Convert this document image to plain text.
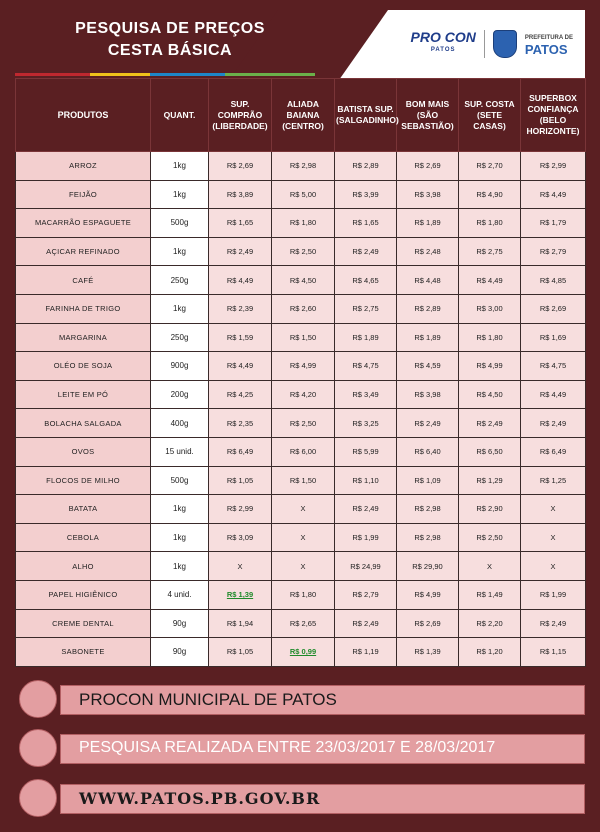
PESQUISA DE PREÇOS
CESTA BÁSICA
PRO CON
PATOS
PREFEITURA DE
PATOS
PRODUTOS	QUANT.	SUP. COMPRÃO (LIBERDADE)	ALIADA BAIANA (CENTRO)	BATISTA SUP. (SALGADINHO)	BOM MAIS (SÃO SEBASTIÃO)	SUP. COSTA (SETE CASAS)	SUPERBOX CONFIANÇA (BELO HORIZONTE)
ARROZ	1kg	R$ 2,69	R$ 2,98	R$ 2,89	R$ 2,69	R$ 2,70	R$ 2,99
FEIJÃO	1kg	R$ 3,89	R$ 5,00	R$ 3,99	R$ 3,98	R$ 4,90	R$ 4,49
MACARRÃO ESPAGUETE	500g	R$ 1,65	R$ 1,80	R$ 1,65	R$ 1,89	R$ 1,80	R$ 1,79
AÇICAR REFINADO	1kg	R$ 2,49	R$ 2,50	R$ 2,49	R$ 2,48	R$ 2,75	R$ 2,79
CAFÉ	250g	R$ 4,49	R$ 4,50	R$ 4,65	R$ 4,48	R$ 4,49	R$ 4,85
FARINHA DE TRIGO	1kg	R$ 2,39	R$ 2,60	R$ 2,75	R$ 2,89	R$ 3,00	R$ 2,69
MARGARINA	250g	R$ 1,59	R$ 1,50	R$ 1,89	R$ 1,89	R$ 1,80	R$ 1,69
OLÉO DE SOJA	900g	R$ 4,49	R$ 4,99	R$ 4,75	R$ 4,59	R$ 4,99	R$ 4,75
LEITE EM PÓ	200g	R$ 4,25	R$ 4,20	R$ 3,49	R$ 3,98	R$ 4,50	R$ 4,49
BOLACHA SALGADA	400g	R$ 2,35	R$ 2,50	R$ 3,25	R$ 2,49	R$ 2,49	R$ 2,49
OVOS	15 unid.	R$ 6,49	R$ 6,00	R$ 5,99	R$ 6,40	R$ 6,50	R$ 6,49
FLOCOS DE MILHO	500g	R$ 1,05	R$ 1,50	R$ 1,10	R$ 1,09	R$ 1,29	R$ 1,25
BATATA	1kg	R$ 2,99	X	R$ 2,49	R$ 2,98	R$ 2,90	X
CEBOLA	1kg	R$ 3,09	X	R$ 1,99	R$ 2,98	R$ 2,50	X
ALHO	1kg	X	X	R$ 24,99	R$ 29,90	X	X
PAPEL HIGIÊNICO	4 unid.	R$ 1,39	R$ 1,80	R$ 2,79	R$ 4,99	R$ 1,49	R$ 1,99
CREME DENTAL	90g	R$ 1,94	R$ 2,65	R$ 2,49	R$ 2,69	R$ 2,20	R$ 2,49
SABONETE	90g	R$ 1,05	R$ 0,99	R$ 1,19	R$ 1,39	R$ 1,20	R$ 1,15
PROCON MUNICIPAL DE PATOS
PESQUISA REALIZADA ENTRE 23/03/2017 E 28/03/2017
WWW.PATOS.PB.GOV.BR
